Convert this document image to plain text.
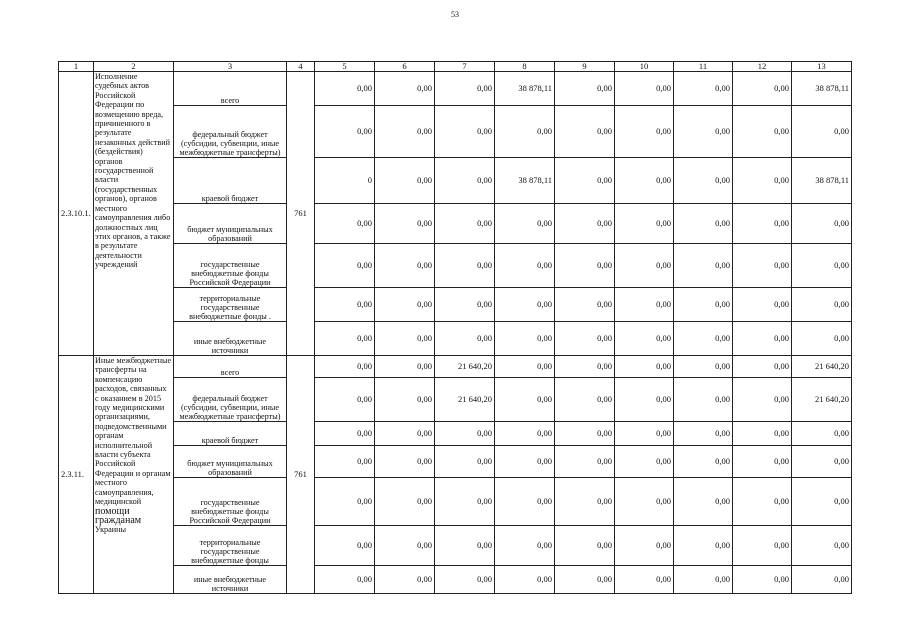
53
1	2	3	4	5	6	7	8	9	10	11	12	13
2.3.10.1.	Исполнение судебных актов Российской Федерации по возмещению вреда, причиненного в результате незаконных действий (бездействия) органов государственной власти (государственных органов), органов местного самоуправления либо должностных лиц этих органов, а также в результате деятельности учреждений	всего	761	0,00	0,00	0,00	38 878,11	0,00	0,00	0,00	0,00	38 878,11
		федеральный бюджет (субсидии, субвенции, иные межбюджетные трансферты)		0,00	0,00	0,00	0,00	0,00	0,00	0,00	0,00	0,00
		краевой бюджет		0	0,00	0,00	38 878,11	0,00	0,00	0,00	0,00	38 878,11
		бюджет муниципальных образований		0,00	0,00	0,00	0,00	0,00	0,00	0,00	0,00	0,00
		государственные внебюджетные фонды Российской Федерации		0,00	0,00	0,00	0,00	0,00	0,00	0,00	0,00	0,00
		территориальные государственные внебюджетные фонды .		0,00	0,00	0,00	0,00	0,00	0,00	0,00	0,00	0,00
		иные внебюджетные источники		0,00	0,00	0,00	0,00	0,00	0,00	0,00	0,00	0,00
2.3.11.	Иные межбюджетные трансферты на компенсацию расходов, связанных с оказанием в 2015 году медицинскими организациями, подведомственными органам исполнительной власти субъекта Российской Федерации и органам местного самоуправления, медицинской
помощи гражданам
Украины	всего	761	0,00	0,00	21 640,20	0,00	0,00	0,00	0,00	0,00	21 640,20
		федеральный бюджет (субсидии, субвенции, иные межбюджетные трансферты)		0,00	0,00	21 640,20	0,00	0,00	0,00	0,00	0,00	21 640,20
		краевой бюджет		0,00	0,00	0,00	0,00	0,00	0,00	0,00	0,00	0,00
		бюджет муниципальных образований		0,00	0,00	0,00	0,00	0,00	0,00	0,00	0,00	0,00
		государственные внебюджетные фонды Российской Федерации		0,00	0,00	0,00	0,00	0,00	0,00	0,00	0,00	0,00
		территориальные государственные внебюджетные фонды		0,00	0,00	0,00	0,00	0,00	0,00	0,00	0,00	0,00
		иные внебюджетные источники		0,00	0,00	0,00	0,00	0,00	0,00	0,00	0,00	0,00
